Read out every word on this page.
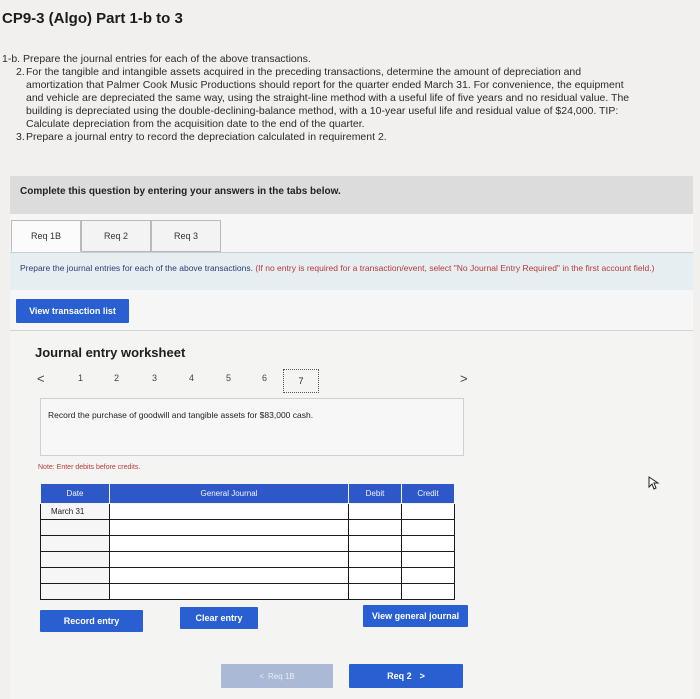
CP9-3 (Algo) Part 1-b to 3
1-b. Prepare the journal entries for each of the above transactions.
2. For the tangible and intangible assets acquired in the preceding transactions, determine the amount of depreciation and
amortization that Palmer Cook Music Productions should report for the quarter ended March 31. For convenience, the equipment
and vehicle are depreciated the same way, using the straight-line method with a useful life of five years and no residual value. The
building is depreciated using the double-declining-balance method, with a 10-year useful life and residual value of $24,000. TIP:
Calculate depreciation from the acquisition date to the end of the quarter.
3. Prepare a journal entry to record the depreciation calculated in requirement 2.
Complete this question by entering your answers in the tabs below.
Req 1B	Req 2	Req 3
Prepare the journal entries for each of the above transactions. (If no entry is required for a transaction/event, select "No Journal Entry Required" in the first account field.)
View transaction list
Journal entry worksheet
<	1	2	3	4	5	6	7	>
Record the purchase of goodwill and tangible assets for $83,000 cash.
Note: Enter debits before credits.
Date	General Journal	Debit	Credit
March 31			

Record entry	Clear entry	View general journal
< Req 1B	Req 2 >
